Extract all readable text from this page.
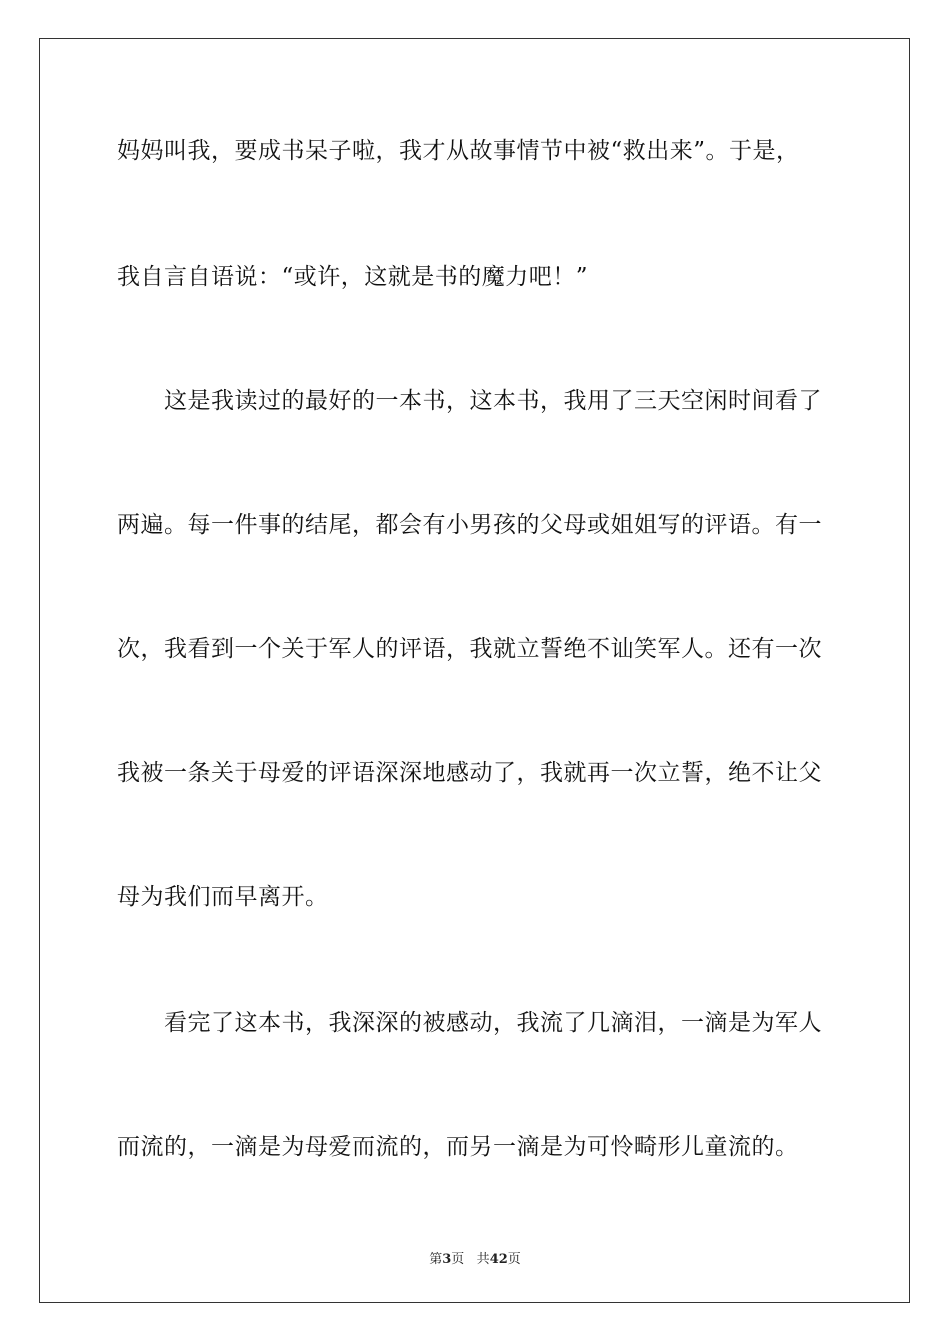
妈妈叫我，要成书呆子啦，我才从故事情节中被“救出来”。于是，
我自言自语说：“或许，这就是书的魔力吧！”
这是我读过的最好的一本书，这本书，我用了三天空闲时间看了
两遍。每一件事的结尾，都会有小男孩的父母或姐姐写的评语。有一
次，我看到一个关于军人的评语，我就立誓绝不讪笑军人。还有一次
我被一条关于母爱的评语深深地感动了，我就再一次立誓，绝不让父
母为我们而早离开。
看完了这本书，我深深的被感动，我流了几滴泪，一滴是为军人
而流的，一滴是为母爱而流的，而另一滴是为可怜畸形儿童流的。
第3页 共42页
